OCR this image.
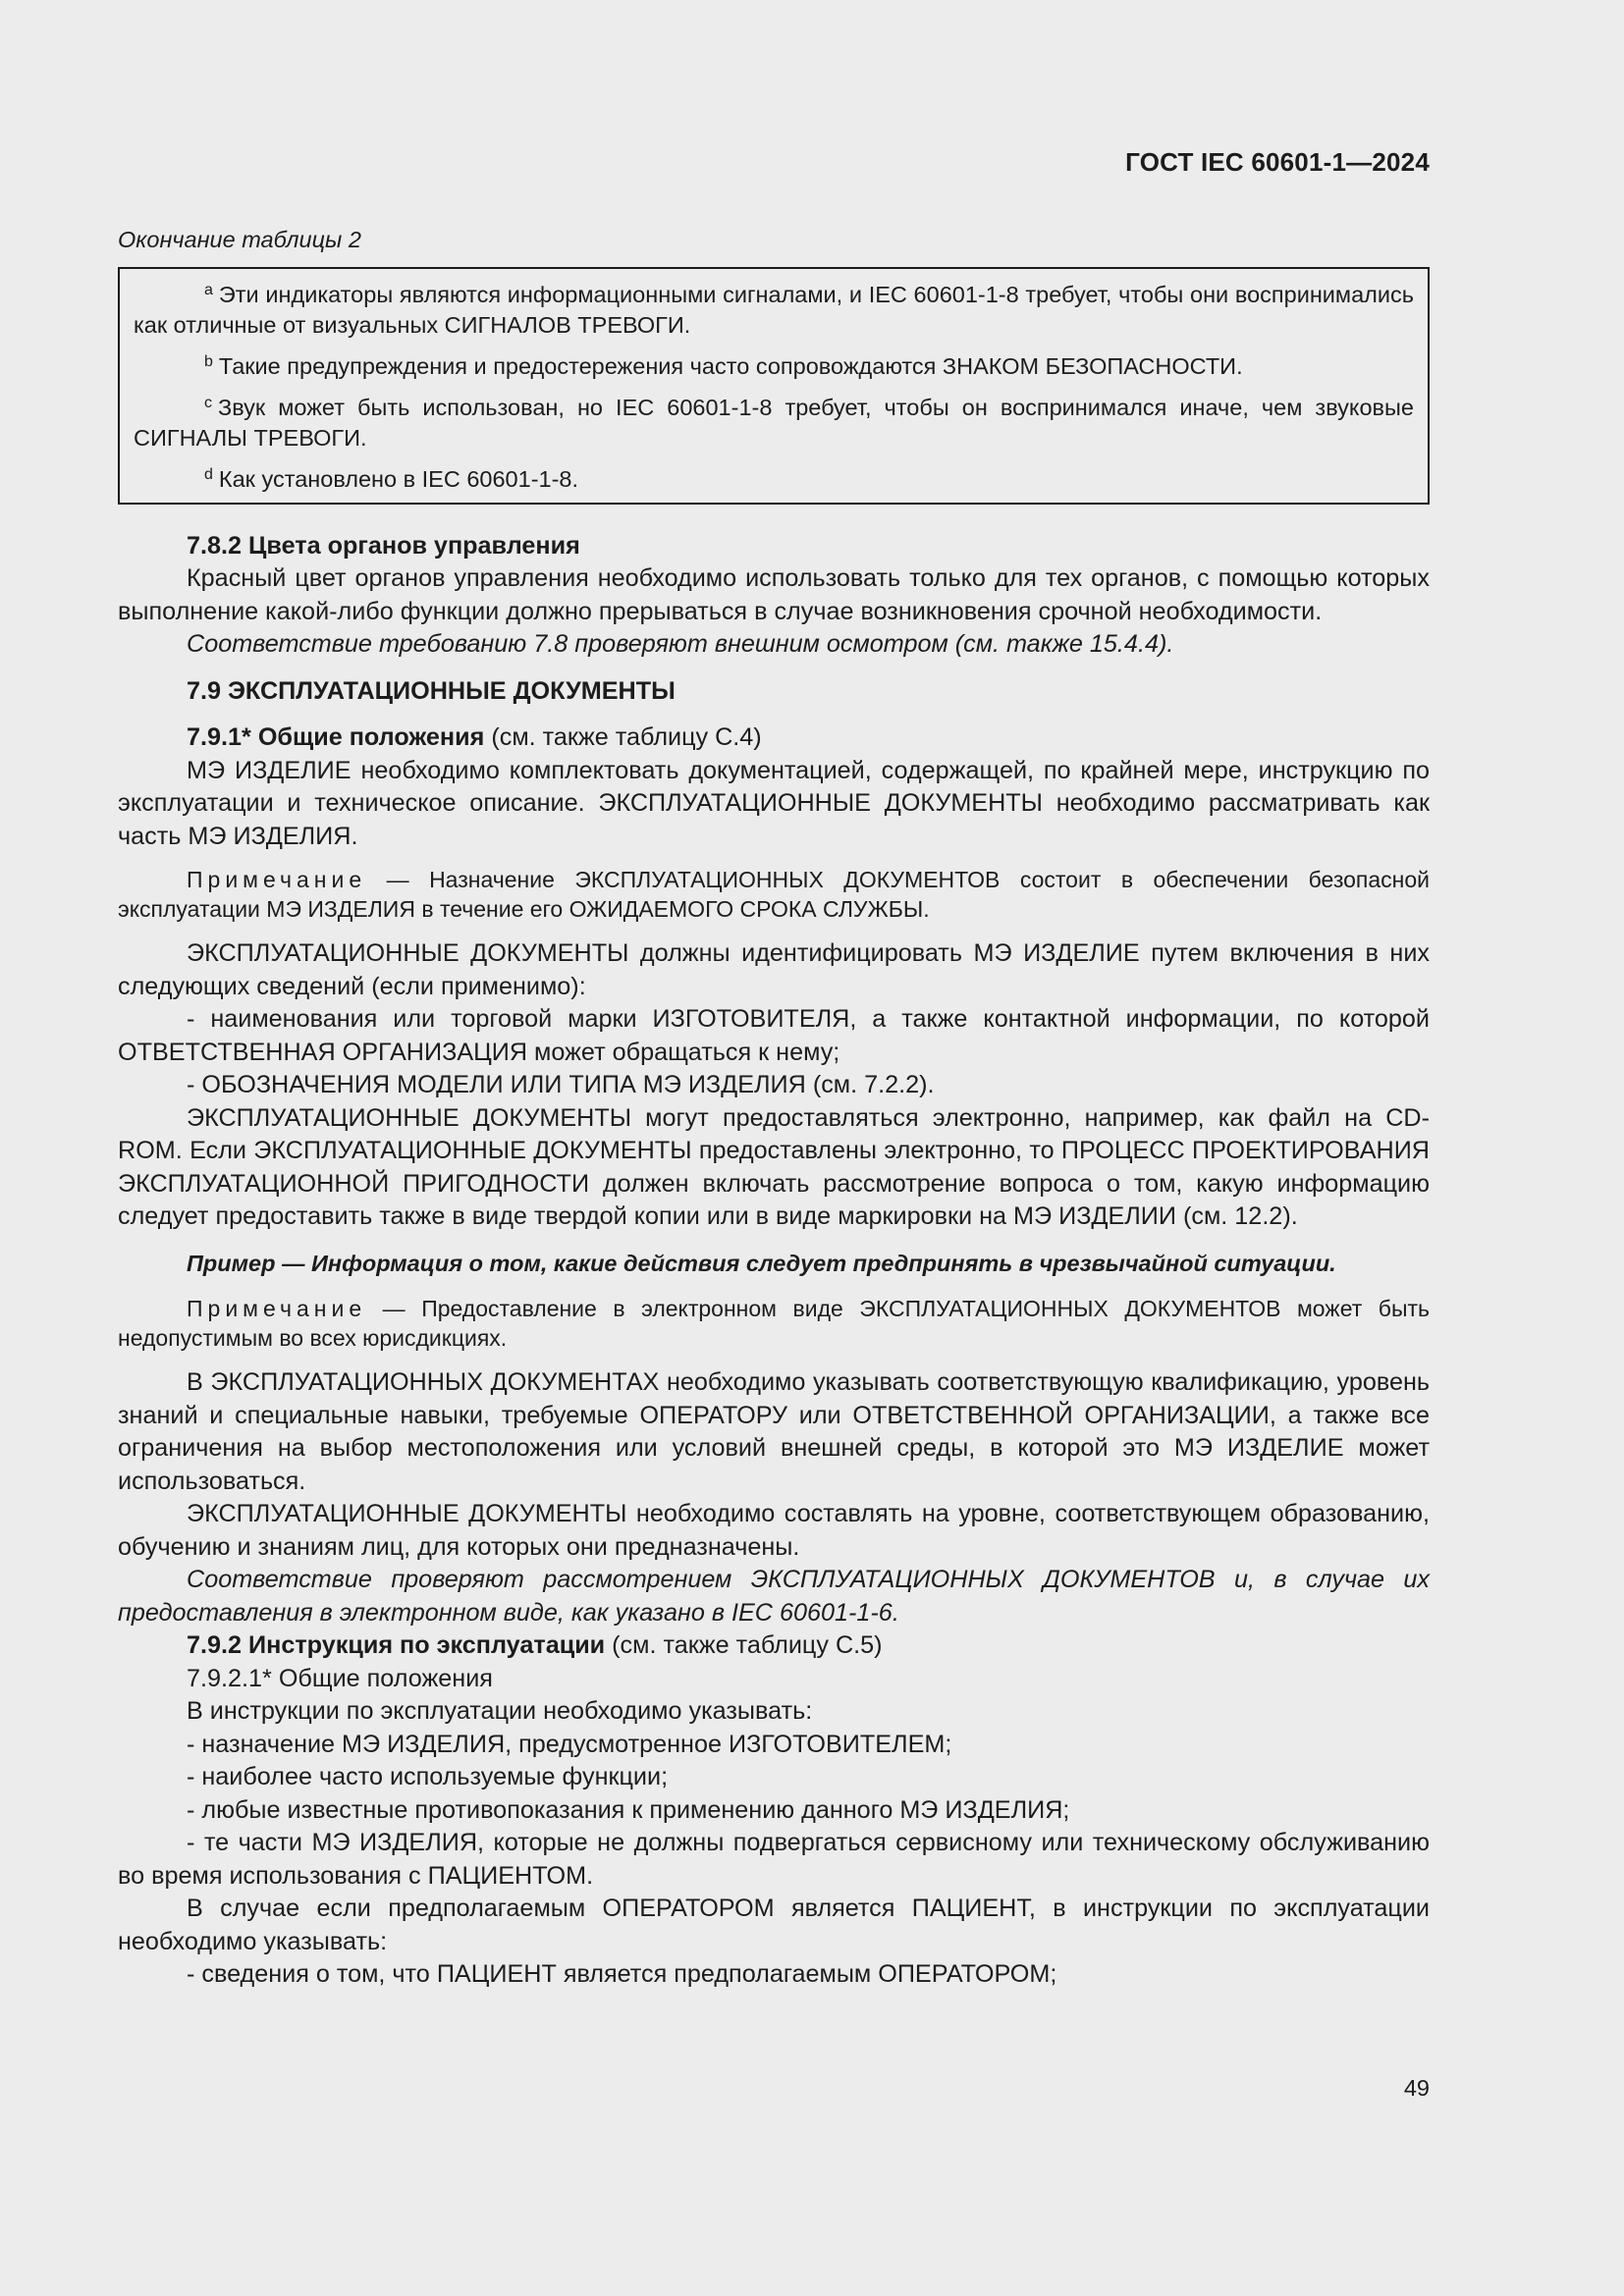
ГОСТ IEC 60601-1—2024
Окончание таблицы 2

$^a$ Эти индикаторы являются информационными сигналами, и IEC 60601-1-8 требует, чтобы они воспринимались как отличные от визуальных СИГНАЛОВ ТРЕВОГИ.

$^b$ Такие предупреждения и предостережения часто сопровождаются ЗНАКОМ БЕЗОПАСНОСТИ.

$^c$ Звук может быть использован, но IEC 60601-1-8 требует, чтобы он воспринимался иначе, чем звуковые СИГНАЛЫ ТРЕВОГИ.

$^d$ Как установлено в IEC 60601-1-8.

7.8.2 Цвета органов управления

Красный цвет органов управления необходимо использовать только для тех органов, с помощью которых выполнение какой-либо функции должно прерываться в случае возникновения срочной необходимости.

Соответствие требованию 7.8 проверяют внешним осмотром (см. также 15.4.4).

7.9 ЭКСПЛУАТАЦИОННЫЕ ДОКУМЕНТЫ

7.9.1* Общие положения (см. также таблицу С.4)

МЭ ИЗДЕЛИЕ необходимо комплектовать документацией, содержащей, по крайней мере, инструкцию по эксплуатации и техническое описание. ЭКСПЛУАТАЦИОННЫЕ ДОКУМЕНТЫ необходимо рассматривать как часть МЭ ИЗДЕЛИЯ.

Примечание — Назначение ЭКСПЛУАТАЦИОННЫХ ДОКУМЕНТОВ состоит в обеспечении безопасной эксплуатации МЭ ИЗДЕЛИЯ в течение его ОЖИДАЕМОГО СРОКА СЛУЖБЫ.

ЭКСПЛУАТАЦИОННЫЕ ДОКУМЕНТЫ должны идентифицировать МЭ ИЗДЕЛИЕ путем включения в них следующих сведений (если применимо):

- наименования или торговой марки ИЗГОТОВИТЕЛЯ, а также контактной информации, по которой ОТВЕТСТВЕННАЯ ОРГАНИЗАЦИЯ может обращаться к нему;

- ОБОЗНАЧЕНИЯ МОДЕЛИ ИЛИ ТИПА МЭ ИЗДЕЛИЯ (см. 7.2.2).

ЭКСПЛУАТАЦИОННЫЕ ДОКУМЕНТЫ могут предоставляться электронно, например, как файл на CD-ROM. Если ЭКСПЛУАТАЦИОННЫЕ ДОКУМЕНТЫ предоставлены электронно, то ПРОЦЕСС ПРОЕКТИРОВАНИЯ ЭКСПЛУАТАЦИОННОЙ ПРИГОДНОСТИ должен включать рассмотрение вопроса о том, какую информацию следует предоставить также в виде твердой копии или в виде маркировки на МЭ ИЗДЕЛИИ (см. 12.2).

Пример — Информация о том, какие действия следует предпринять в чрезвычайной ситуации.

Примечание — Предоставление в электронном виде ЭКСПЛУАТАЦИОННЫХ ДОКУМЕНТОВ может быть недопустимым во всех юрисдикциях.

В ЭКСПЛУАТАЦИОННЫХ ДОКУМЕНТАХ необходимо указывать соответствующую квалификацию, уровень знаний и специальные навыки, требуемые ОПЕРАТОРУ или ОТВЕТСТВЕННОЙ ОРГАНИЗАЦИИ, а также все ограничения на выбор местоположения или условий внешней среды, в которой это МЭ ИЗДЕЛИЕ может использоваться.

ЭКСПЛУАТАЦИОННЫЕ ДОКУМЕНТЫ необходимо составлять на уровне, соответствующем образованию, обучению и знаниям лиц, для которых они предназначены.

Соответствие проверяют рассмотрением ЭКСПЛУАТАЦИОННЫХ ДОКУМЕНТОВ и, в случае их предоставления в электронном виде, как указано в IEC 60601-1-6.

7.9.2 Инструкция по эксплуатации (см. также таблицу С.5)

7.9.2.1* Общие положения

В инструкции по эксплуатации необходимо указывать:

- назначение МЭ ИЗДЕЛИЯ, предусмотренное ИЗГОТОВИТЕЛЕМ;

- наиболее часто используемые функции;

- любые известные противопоказания к применению данного МЭ ИЗДЕЛИЯ;

- те части МЭ ИЗДЕЛИЯ, которые не должны подвергаться сервисному или техническому обслуживанию во время использования с ПАЦИЕНТОМ.

В случае если предполагаемым ОПЕРАТОРОМ является ПАЦИЕНТ, в инструкции по эксплуатации необходимо указывать:

- сведения о том, что ПАЦИЕНТ является предполагаемым ОПЕРАТОРОМ;

49
